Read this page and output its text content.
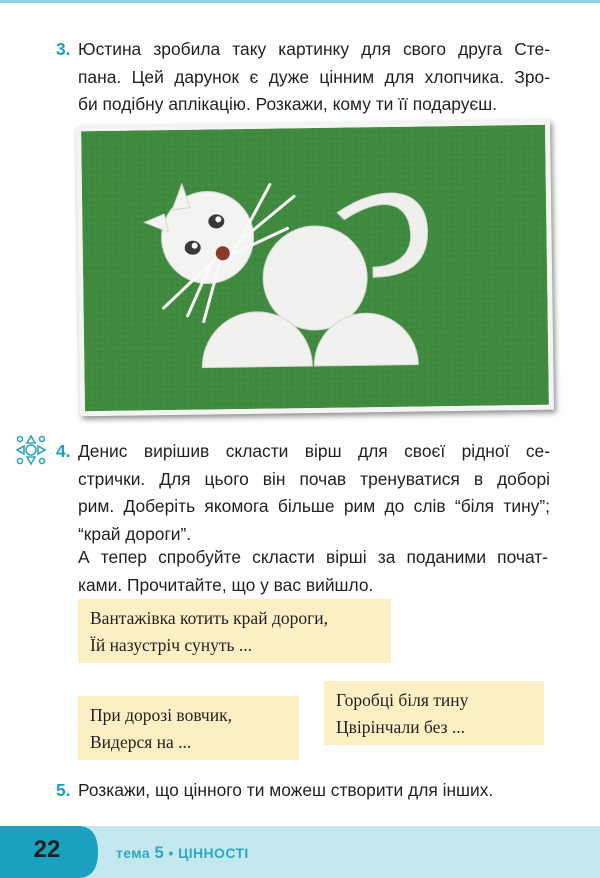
3. Юстина зробила таку картинку для свого друга Сте-
пана. Цей дарунок є дуже цінним для хлопчика. Зро-
би подібну аплікацію. Розкажи, кому ти її подаруєш.
4. Денис вирішив скласти вірш для своєї рідної се-
стрички. Для цього він почав тренуватися в доборі
рим. Доберіть якомога більше рим до слів “біля тину”;
“край дороги”.
А тепер спробуйте скласти вірші за поданими почат-
ками. Прочитайте, що у вас вийшло.
Вантажівка котить край дороги,
Їй назустріч сунуть ...
При дорозі вовчик,
Видерся на ...
Горобці біля тину
Цвірінчали без ...
5. Розкажи, що цінного ти можеш створити для інших.
22	тема 5 • ЦІННОСТІ
